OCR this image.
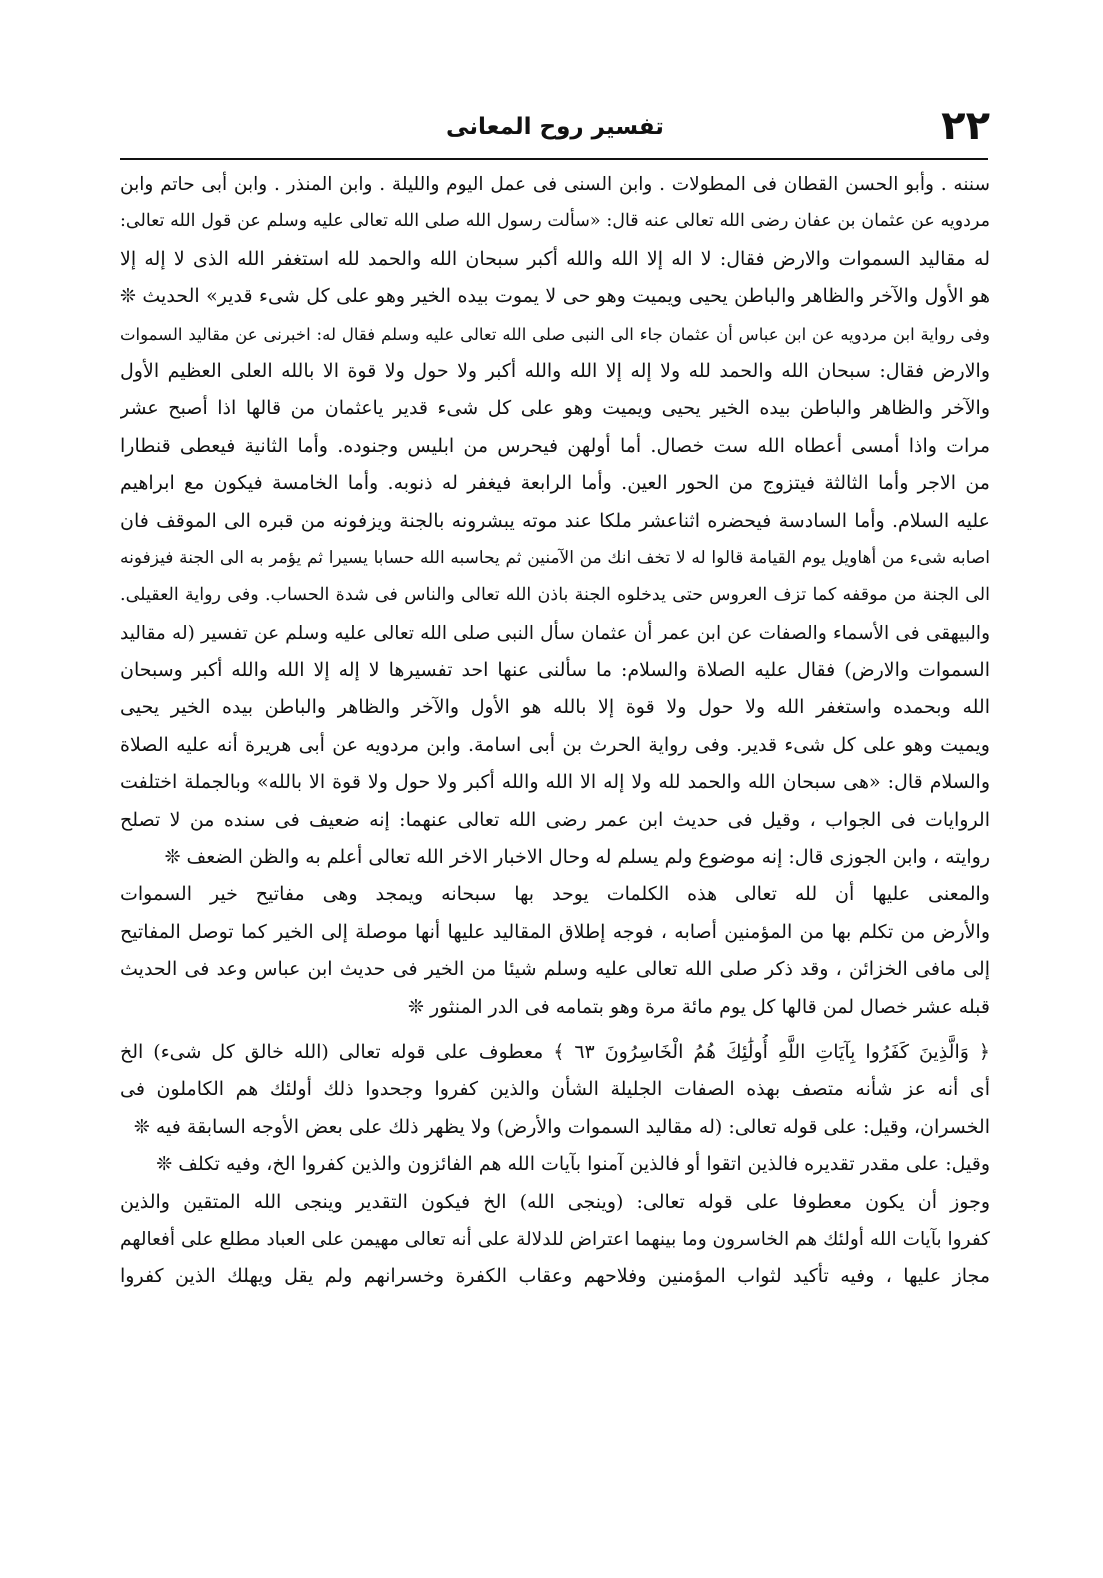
٢٢
تفسير روح المعانى
سننه . وأبو الحسن القطان فى المطولات . وابن السنى فى عمل اليوم والليلة . وابن المنذر . وابن أبى حاتم وابن
مردويه عن عثمان بن عفان رضى الله تعالى عنه قال: «سألت رسول الله صلى الله تعالى عليه وسلم عن قول الله تعالى:
له مقاليد السموات والارض فقال: لا اله إلا الله والله أكبر سبحان الله والحمد لله استغفر الله الذى لا إله إلا
هو الأول والآخر والظاهر والباطن يحيى ويميت وهو حى لا يموت بيده الخير وهو على كل شىء قدير» الحديث ❊
وفى رواية ابن مردويه عن ابن عباس أن عثمان جاء الى النبى صلى الله تعالى عليه وسلم فقال له: اخبرنى عن مقاليد السموات
والارض فقال: سبحان الله والحمد لله ولا إله إلا الله والله أكبر ولا حول ولا قوة الا بالله العلى العظيم الأول
والآخر والظاهر والباطن بيده الخير يحيى ويميت وهو على كل شىء قدير ياعثمان من قالها اذا أصبح عشر
مرات واذا أمسى أعطاه الله ست خصال. أما أولهن فيحرس من ابليس وجنوده. وأما الثانية فيعطى قنطارا
من الاجر وأما الثالثة فيتزوج من الحور العين. وأما الرابعة فيغفر له ذنوبه. وأما الخامسة فيكون مع ابراهيم
عليه السلام. وأما السادسة فيحضره اثناعشر ملكا عند موته يبشرونه بالجنة ويزفونه من قبره الى الموقف فان
اصابه شىء من أهاويل يوم القيامة قالوا له لا تخف انك من الآمنين ثم يحاسبه الله حسابا يسيرا ثم يؤمر به الى الجنة فيزفونه
الى الجنة من موقفه كما تزف العروس حتى يدخلوه الجنة باذن الله تعالى والناس فى شدة الحساب. وفى رواية العقيلى.
والبيهقى فى الأسماء والصفات عن ابن عمر أن عثمان سأل النبى صلى الله تعالى عليه وسلم عن تفسير (له مقاليد
السموات والارض) فقال عليه الصلاة والسلام: ما سألنى عنها احد تفسيرها لا إله إلا الله والله أكبر وسبحان
الله وبحمده واستغفر الله ولا حول ولا قوة إلا بالله هو الأول والآخر والظاهر والباطن بيده الخير يحيى
ويميت وهو على كل شىء قدير. وفى رواية الحرث بن أبى اسامة. وابن مردويه عن أبى هريرة أنه عليه الصلاة
والسلام قال: «هى سبحان الله والحمد لله ولا إله الا الله والله أكبر ولا حول ولا قوة الا بالله» وبالجملة اختلفت
الروايات فى الجواب ، وقيل فى حديث ابن عمر رضى الله تعالى عنهما: إنه ضعيف فى سنده من لا تصلح
روايته ، وابن الجوزى قال: إنه موضوع ولم يسلم له وحال الاخبار الاخر الله تعالى أعلم به والظن الضعف ❊
والمعنى عليها أن لله تعالى هذه الكلمات يوحد بها سبحانه ويمجد وهى مفاتيح خير السموات
والأرض من تكلم بها من المؤمنين أصابه ، فوجه إطلاق المقاليد عليها أنها موصلة إلى الخير كما توصل المفاتيح
إلى مافى الخزائن ، وقد ذكر صلى الله تعالى عليه وسلم شيئا من الخير فى حديث ابن عباس وعد فى الحديث
قبله عشر خصال لمن قالها كل يوم مائة مرة وهو بتمامه فى الدر المنثور ❊
﴿ وَالَّذِينَ كَفَرُوا بِآيَاتِ اللَّهِ أُولَٰئِكَ هُمُ الْخَاسِرُونَ ٦٣ ﴾ معطوف على قوله تعالى (الله خالق كل شىء) الخ
أى أنه عز شأنه متصف بهذه الصفات الجليلة الشأن والذين كفروا وجحدوا ذلك أولئك هم الكاملون فى
الخسران، وقيل: على قوله تعالى: (له مقاليد السموات والأرض) ولا يظهر ذلك على بعض الأوجه السابقة فيه ❊
وقيل: على مقدر تقديره فالذين اتقوا أو فالذين آمنوا بآيات الله هم الفائزون والذين كفروا الخ، وفيه تكلف ❊
وجوز أن يكون معطوفا على قوله تعالى: (وينجى الله) الخ فيكون التقدير وينجى الله المتقين والذين
كفروا بآيات الله أولئك هم الخاسرون وما بينهما اعتراض للدلالة على أنه تعالى مهيمن على العباد مطلع على أفعالهم
مجاز عليها ، وفيه تأكيد لثواب المؤمنين وفلاحهم وعقاب الكفرة وخسرانهم ولم يقل ويهلك الذين كفروا
